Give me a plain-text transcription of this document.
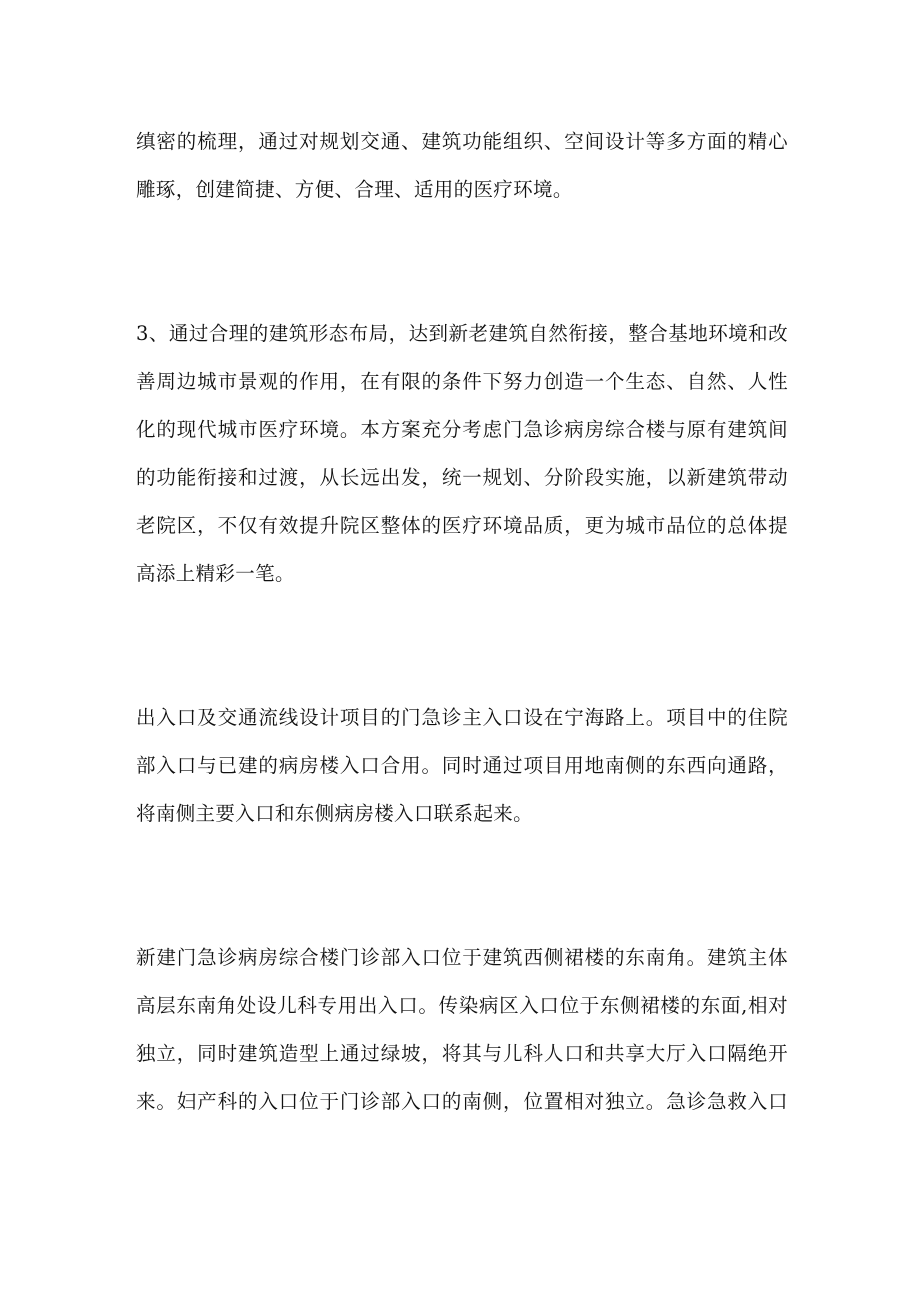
缜密的梳理，通过对规划交通、建筑功能组织、空间设计等多方面的精心
雕琢，创建简捷、方便、合理、适用的医疗环境。

3、通过合理的建筑形态布局，达到新老建筑自然衔接，整合基地环境和改
善周边城市景观的作用，在有限的条件下努力创造一个生态、自然、人性
化的现代城市医疗环境。本方案充分考虑门急诊病房综合楼与原有建筑间
的功能衔接和过渡，从长远出发，统一规划、分阶段实施，以新建筑带动
老院区，不仅有效提升院区整体的医疗环境品质，更为城市品位的总体提
高添上精彩一笔。

出入口及交通流线设计项目的门急诊主入口设在宁海路上。项目中的住院
部入口与已建的病房楼入口合用。同时通过项目用地南侧的东西向通路，
将南侧主要入口和东侧病房楼入口联系起来。

新建门急诊病房综合楼门诊部入口位于建筑西侧裙楼的东南角。建筑主体
高层东南角处设儿科专用出入口。传染病区入口位于东侧裙楼的东面,相对
独立，同时建筑造型上通过绿坡，将其与儿科人口和共享大厅入口隔绝开
来。妇产科的入口位于门诊部入口的南侧，位置相对独立。急诊急救入口
